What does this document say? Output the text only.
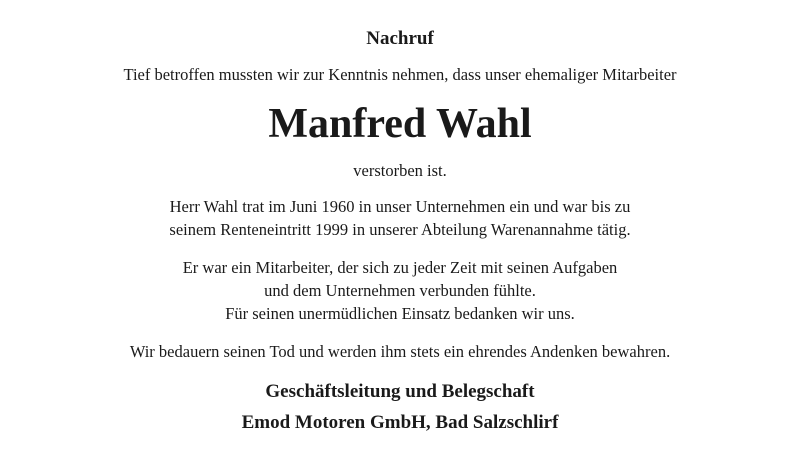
Nachruf
Tief betroffen mussten wir zur Kenntnis nehmen, dass unser ehemaliger Mitarbeiter
Manfred Wahl
verstorben ist.
Herr Wahl trat im Juni 1960 in unser Unternehmen ein und war bis zu
seinem Renteneintritt 1999 in unserer Abteilung Warenannahme tätig.
Er war ein Mitarbeiter, der sich zu jeder Zeit mit seinen Aufgaben
und dem Unternehmen verbunden fühlte.
Für seinen unermüdlichen Einsatz bedanken wir uns.
Wir bedauern seinen Tod und werden ihm stets ein ehrendes Andenken bewahren.
Geschäftsleitung und Belegschaft
Emod Motoren GmbH, Bad Salzschlirf
